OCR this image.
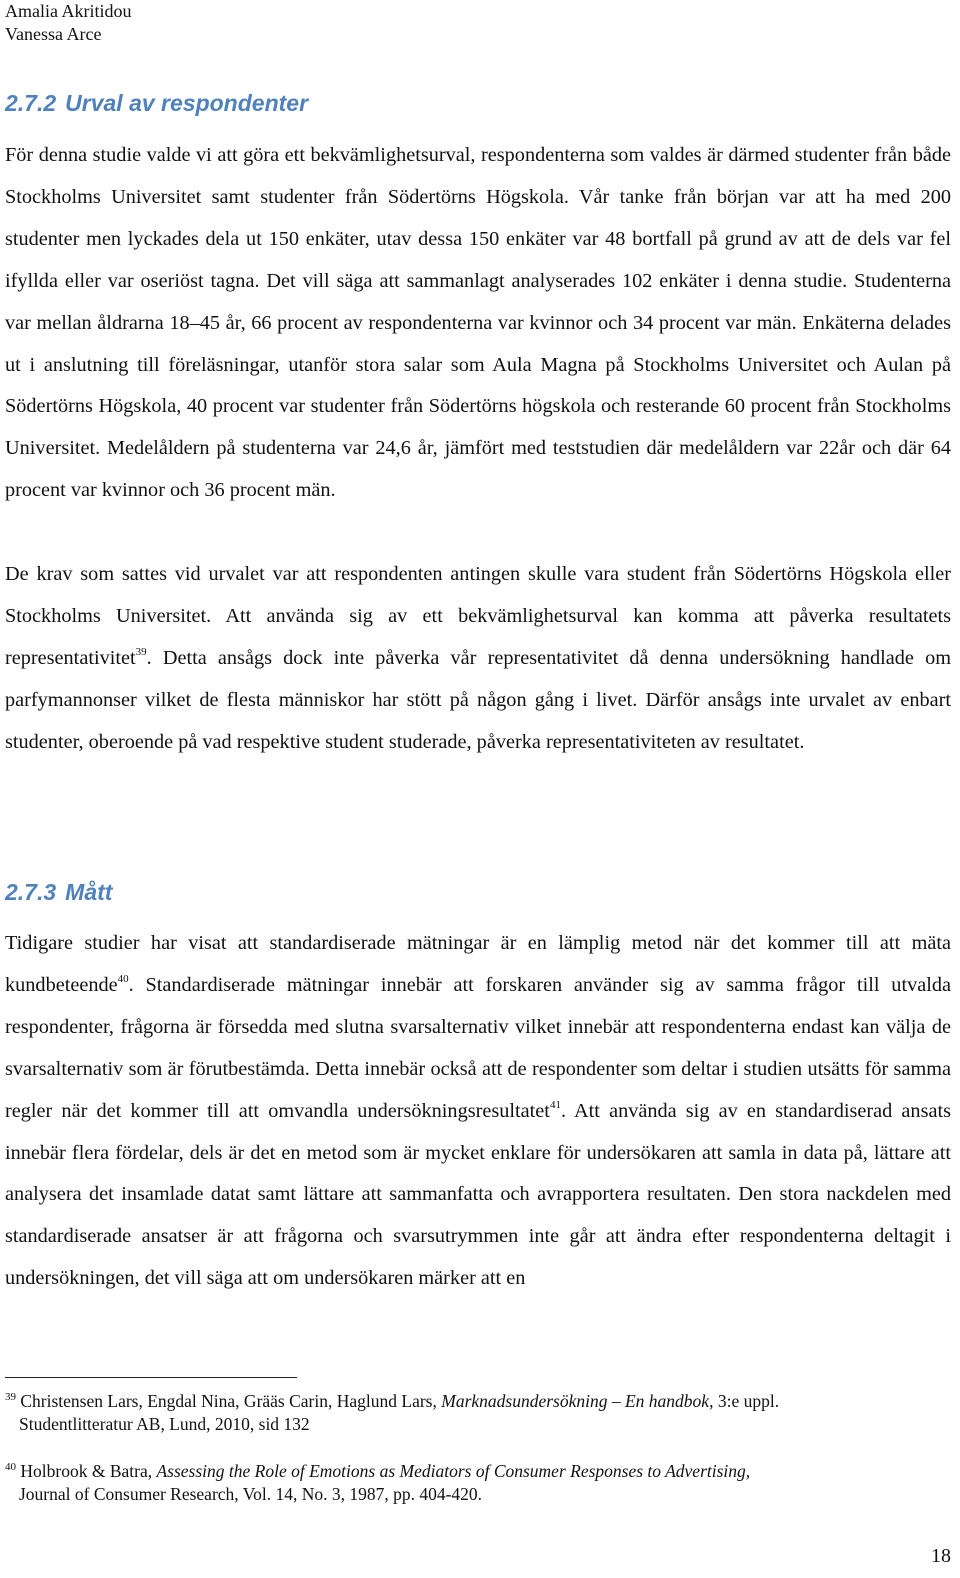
Amalia Akritidou
Vanessa Arce
2.7.2 Urval av respondenter

För denna studie valde vi att göra ett bekvämlighetsurval, respondenterna som valdes är därmed studenter från både Stockholms Universitet samt studenter från Södertörns Högskola. Vår tanke från början var att ha med 200 studenter men lyckades dela ut 150 enkäter, utav dessa 150 enkäter var 48 bortfall på grund av att de dels var fel ifyllda eller var oseriöst tagna. Det vill säga att sammanlagt analyserades 102 enkäter i denna studie. Studenterna var mellan åldrarna 18–45 år, 66 procent av respondenterna var kvinnor och 34 procent var män. Enkäterna delades ut i anslutning till föreläsningar, utanför stora salar som Aula Magna på Stockholms Universitet och Aulan på Södertörns Högskola, 40 procent var studenter från Södertörns högskola och resterande 60 procent från Stockholms Universitet. Medelåldern på studenterna var 24,6 år, jämfört med teststudien där medelåldern var 22år och där 64 procent var kvinnor och 36 procent män.

De krav som sattes vid urvalet var att respondenten antingen skulle vara student från Södertörns Högskola eller Stockholms Universitet. Att använda sig av ett bekvämlighetsurval kan komma att påverka resultatets representativitet$^{39}$. Detta ansågs dock inte påverka vår representativitet då denna undersökning handlade om parfymannonser vilket de flesta människor har stött på någon gång i livet. Därför ansågs inte urvalet av enbart studenter, oberoende på vad respektive student studerade, påverka representativiteten av resultatet.

2.7.3 Mått

Tidigare studier har visat att standardiserade mätningar är en lämplig metod när det kommer till att mäta kundbeteende$^{40}$. Standardiserade mätningar innebär att forskaren använder sig av samma frågor till utvalda respondenter, frågorna är försedda med slutna svarsalternativ vilket innebär att respondenterna endast kan välja de svarsalternativ som är förutbestämda. Detta innebär också att de respondenter som deltar i studien utsätts för samma regler när det kommer till att omvandla undersökningsresultatet$^{41}$. Att använda sig av en standardiserad ansats innebär flera fördelar, dels är det en metod som är mycket enklare för undersökaren att samla in data på, lättare att analysera det insamlade datat samt lättare att sammanfatta och avrapportera resultaten. Den stora nackdelen med standardiserade ansatser är att frågorna och svarsutrymmen inte går att ändra efter respondenterna deltagit i undersökningen, det vill säga att om undersökaren märker att en

$^{39}$ Christensen Lars, Engdal Nina, Grääs Carin, Haglund Lars, Marknadsundersökning – En handbok, 3:e uppl.
Studentlitteratur AB, Lund, 2010, sid 132
$^{40}$ Holbrook & Batra, Assessing the Role of Emotions as Mediators of Consumer Responses to Advertising,
Journal of Consumer Research, Vol. 14, No. 3, 1987, pp. 404-420.
18
